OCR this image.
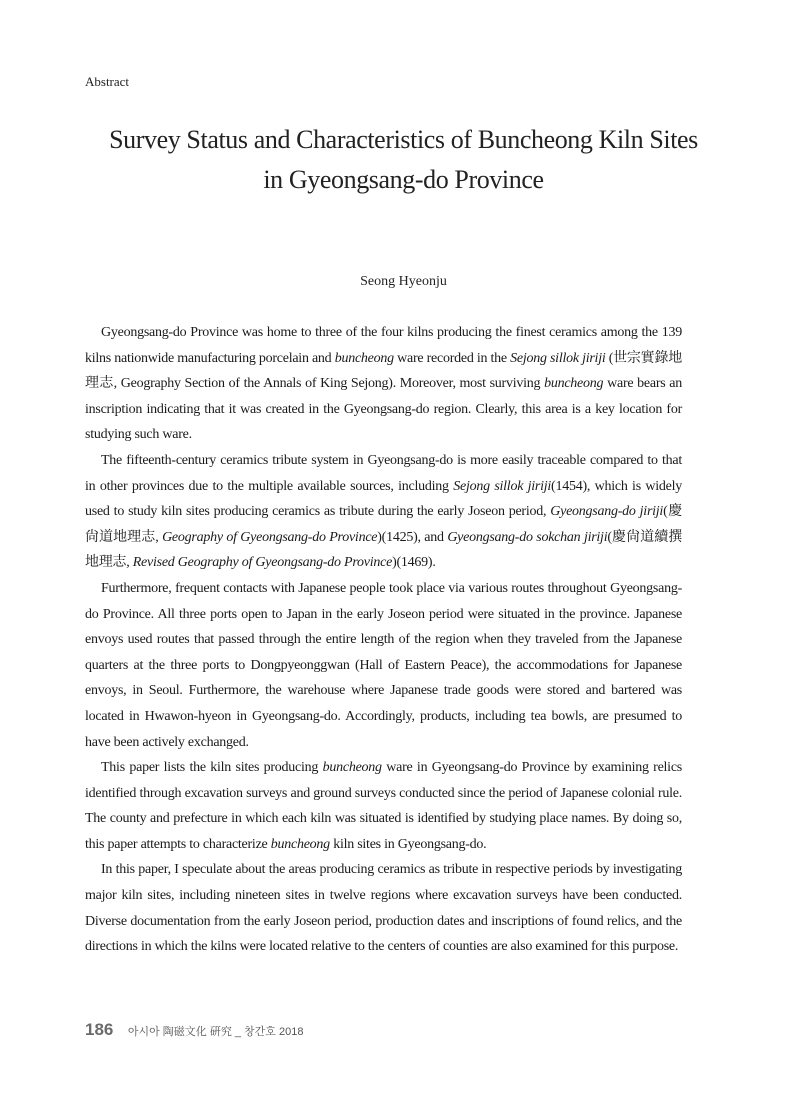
Abstract
Survey Status and Characteristics of Buncheong Kiln Sites
in Gyeongsang-do Province
Seong Hyeonju

Gyeongsang-do Province was home to three of the four kilns producing the finest ceramics among the 139 kilns nationwide manufacturing porcelain and buncheong ware recorded in the Sejong sillok jiriji (世宗實錄地理志, Geography Section of the Annals of King Sejong). Moreover, most surviving buncheong ware bears an inscription indicating that it was created in the Gyeongsang-do region. Clearly, this area is a key location for studying such ware.

The fifteenth-century ceramics tribute system in Gyeongsang-do is more easily traceable compared to that in other provinces due to the multiple available sources, including Sejong sillok jiriji(1454), which is widely used to study kiln sites producing ceramics as tribute during the early Joseon period, Gyeongsang-do jiriji(慶尙道地理志, Geography of Gyeongsang-do Province)(1425), and Gyeongsang-do sokchan jiriji(慶尙道續撰地理志, Revised Geography of Gyeongsang-do Province)(1469).

Furthermore, frequent contacts with Japanese people took place via various routes throughout Gyeongsang-do Province. All three ports open to Japan in the early Joseon period were situated in the province. Japanese envoys used routes that passed through the entire length of the region when they traveled from the Japanese quarters at the three ports to Dongpyeonggwan (Hall of Eastern Peace), the accommodations for Japanese envoys, in Seoul. Furthermore, the warehouse where Japanese trade goods were stored and bartered was located in Hwawon-hyeon in Gyeongsang-do. Accordingly, products, including tea bowls, are presumed to have been actively exchanged.

This paper lists the kiln sites producing buncheong ware in Gyeongsang-do Province by examining relics identified through excavation surveys and ground surveys conducted since the period of Japanese colonial rule. The county and prefecture in which each kiln was situated is identified by studying place names. By doing so, this paper attempts to characterize buncheong kiln sites in Gyeongsang-do.

In this paper, I speculate about the areas producing ceramics as tribute in respective periods by investigating major kiln sites, including nineteen sites in twelve regions where excavation surveys have been conducted. Diverse documentation from the early Joseon period, production dates and inscriptions of found relics, and the directions in which the kilns were located relative to the centers of counties are also examined for this purpose.

186 아시아 陶磁文化 硏究 _ 창간호 2018
